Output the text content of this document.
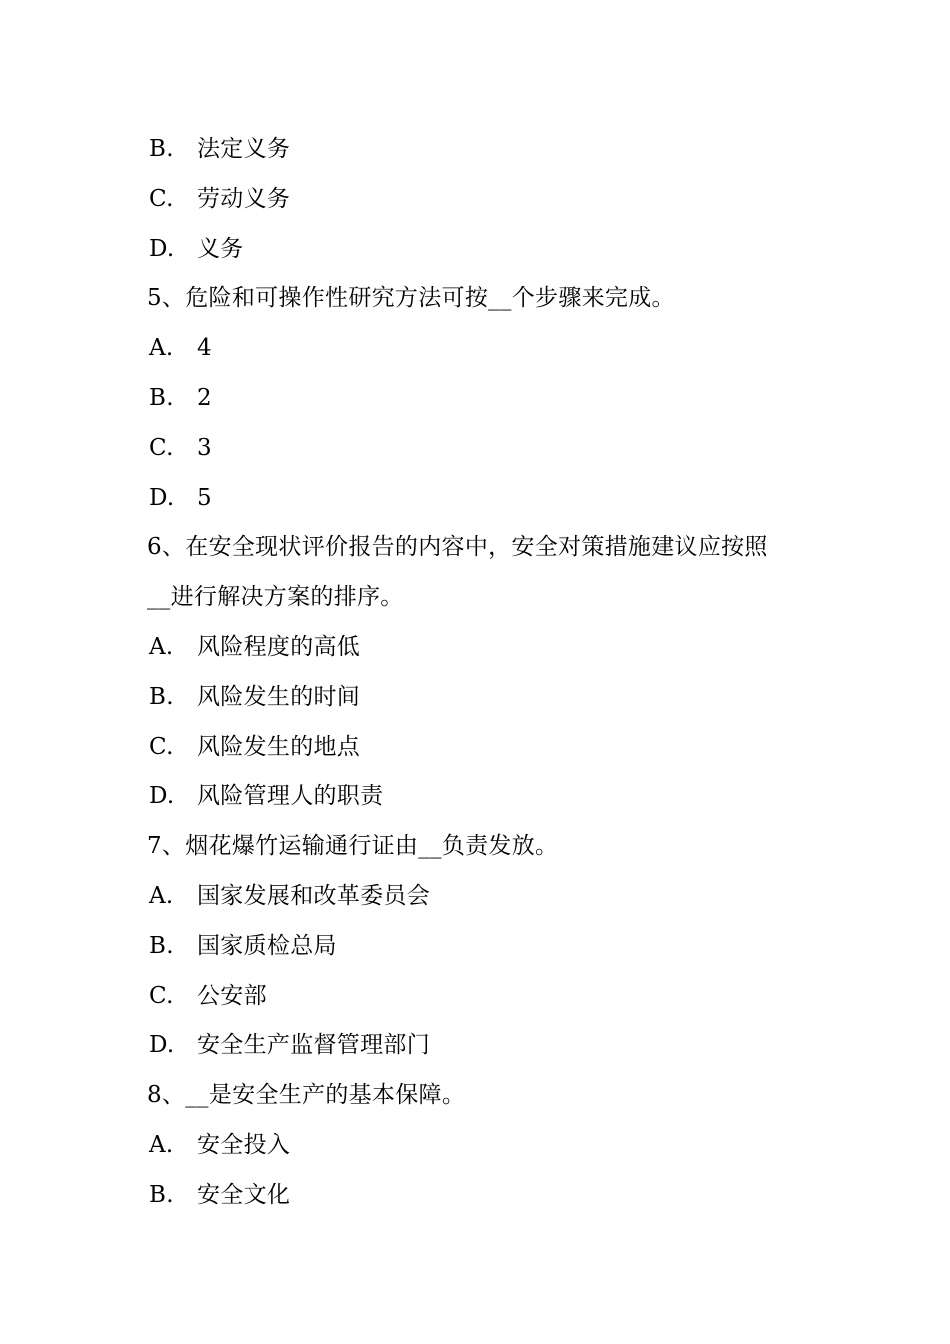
B.	法定义务
C.	劳动义务
D. 义务
5、危险和可操作性研究方法可按__个步骤来完成。
A.	4
B.	2
C.	3
D. 5
6、在安全现状评价报告的内容中，安全对策措施建议应按照
__进行解决方案的排序。
A.	风险程度的高低
B.	风险发生的时间
C.	风险发生的地点
D. 风险管理人的职责
7、烟花爆竹运输通行证由__负责发放。
A.	国家发展和改革委员会
B.	国家质检总局
C.	公安部
D. 安全生产监督管理部门
8、__是安全生产的基本保障。
A.	安全投入
B.	安全文化
